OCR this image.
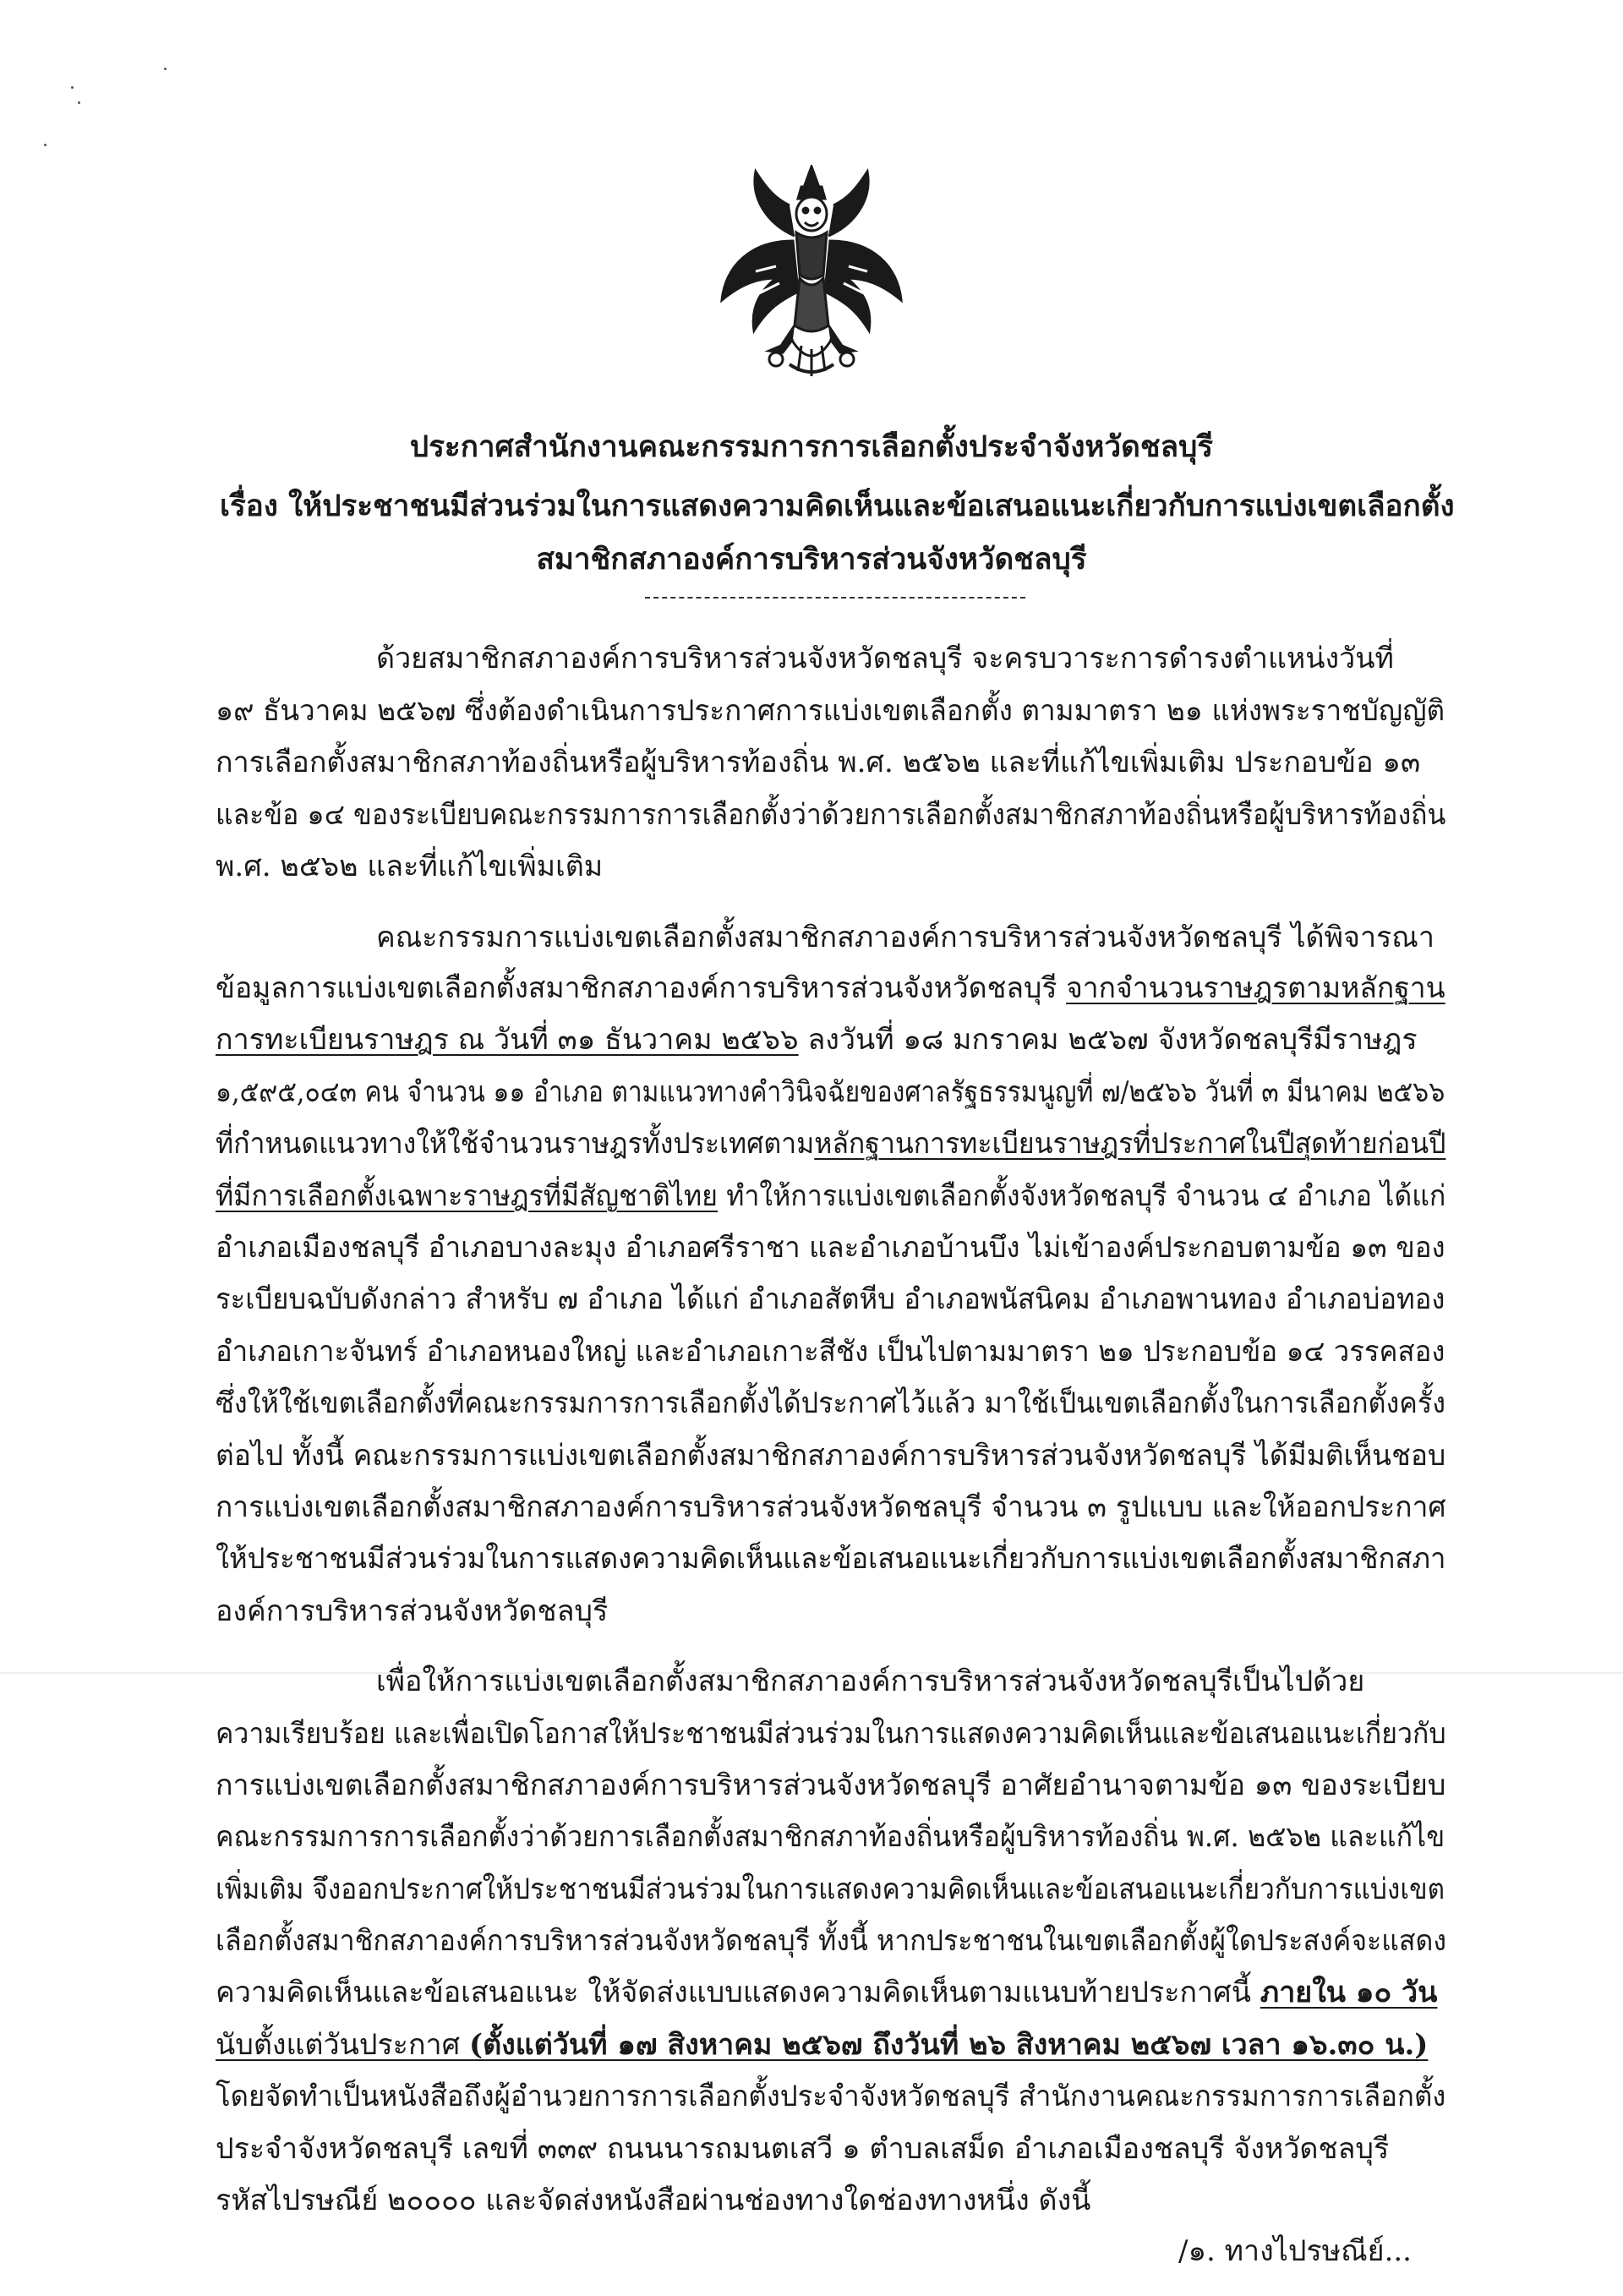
ประกาศสำนักงานคณะกรรมการการเลือกตั้งประจำจังหวัดชลบุรี
เรื่อง ให้ประชาชนมีส่วนร่วมในการแสดงความคิดเห็นและข้อเสนอแนะเกี่ยวกับการแบ่งเขตเลือกตั้ง
สมาชิกสภาองค์การบริหารส่วนจังหวัดชลบุรี
ด้วยสมาชิกสภาองค์การบริหารส่วนจังหวัดชลบุรี จะครบวาระการดำรงตำแหน่งวันที่
๑๙ ธันวาคม ๒๕๖๗ ซึ่งต้องดำเนินการประกาศการแบ่งเขตเลือกตั้ง ตามมาตรา ๒๑ แห่งพระราชบัญญัติ
การเลือกตั้งสมาชิกสภาท้องถิ่นหรือผู้บริหารท้องถิ่น พ.ศ. ๒๕๖๒ และที่แก้ไขเพิ่มเติม ประกอบข้อ ๑๓
และข้อ ๑๔ ของระเบียบคณะกรรมการการเลือกตั้งว่าด้วยการเลือกตั้งสมาชิกสภาท้องถิ่นหรือผู้บริหารท้องถิ่น
พ.ศ. ๒๕๖๒ และที่แก้ไขเพิ่มเติม
คณะกรรมการแบ่งเขตเลือกตั้งสมาชิกสภาองค์การบริหารส่วนจังหวัดชลบุรี ได้พิจารณา
ข้อมูลการแบ่งเขตเลือกตั้งสมาชิกสภาองค์การบริหารส่วนจังหวัดชลบุรี จากจำนวนราษฎรตามหลักฐาน
การทะเบียนราษฎร ณ วันที่ ๓๑ ธันวาคม ๒๕๖๖ ลงวันที่ ๑๘ มกราคม ๒๕๖๗ จังหวัดชลบุรีมีราษฎร
๑,๕๙๕,๐๔๓ คน จำนวน ๑๑ อำเภอ ตามแนวทางคำวินิจฉัยของศาลรัฐธรรมนูญที่ ๗/๒๕๖๖ วันที่ ๓ มีนาคม ๒๕๖๖
ที่กำหนดแนวทางให้ใช้จำนวนราษฎรทั้งประเทศตามหลักฐานการทะเบียนราษฎรที่ประกาศในปีสุดท้ายก่อนปี
ที่มีการเลือกตั้งเฉพาะราษฎรที่มีสัญชาติไทย ทำให้การแบ่งเขตเลือกตั้งจังหวัดชลบุรี จำนวน ๔ อำเภอ ได้แก่
อำเภอเมืองชลบุรี อำเภอบางละมุง อำเภอศรีราชา และอำเภอบ้านบึง ไม่เข้าองค์ประกอบตามข้อ ๑๓ ของ
ระเบียบฉบับดังกล่าว สำหรับ ๗ อำเภอ ได้แก่ อำเภอสัตหีบ อำเภอพนัสนิคม อำเภอพานทอง อำเภอบ่อทอง
อำเภอเกาะจันทร์ อำเภอหนองใหญ่ และอำเภอเกาะสีชัง เป็นไปตามมาตรา ๒๑ ประกอบข้อ ๑๔ วรรคสอง
ซึ่งให้ใช้เขตเลือกตั้งที่คณะกรรมการการเลือกตั้งได้ประกาศไว้แล้ว มาใช้เป็นเขตเลือกตั้งในการเลือกตั้งครั้ง
ต่อไป ทั้งนี้ คณะกรรมการแบ่งเขตเลือกตั้งสมาชิกสภาองค์การบริหารส่วนจังหวัดชลบุรี ได้มีมติเห็นชอบ
การแบ่งเขตเลือกตั้งสมาชิกสภาองค์การบริหารส่วนจังหวัดชลบุรี จำนวน ๓ รูปแบบ และให้ออกประกาศ
ให้ประชาชนมีส่วนร่วมในการแสดงความคิดเห็นและข้อเสนอแนะเกี่ยวกับการแบ่งเขตเลือกตั้งสมาชิกสภา
องค์การบริหารส่วนจังหวัดชลบุรี
เพื่อให้การแบ่งเขตเลือกตั้งสมาชิกสภาองค์การบริหารส่วนจังหวัดชลบุรีเป็นไปด้วย
ความเรียบร้อย และเพื่อเปิดโอกาสให้ประชาชนมีส่วนร่วมในการแสดงความคิดเห็นและข้อเสนอแนะเกี่ยวกับ
การแบ่งเขตเลือกตั้งสมาชิกสภาองค์การบริหารส่วนจังหวัดชลบุรี อาศัยอำนาจตามข้อ ๑๓ ของระเบียบ
คณะกรรมการการเลือกตั้งว่าด้วยการเลือกตั้งสมาชิกสภาท้องถิ่นหรือผู้บริหารท้องถิ่น พ.ศ. ๒๕๖๒ และแก้ไข
เพิ่มเติม จึงออกประกาศให้ประชาชนมีส่วนร่วมในการแสดงความคิดเห็นและข้อเสนอแนะเกี่ยวกับการแบ่งเขต
เลือกตั้งสมาชิกสภาองค์การบริหารส่วนจังหวัดชลบุรี ทั้งนี้ หากประชาชนในเขตเลือกตั้งผู้ใดประสงค์จะแสดง
ความคิดเห็นและข้อเสนอแนะ ให้จัดส่งแบบแสดงความคิดเห็นตามแนบท้ายประกาศนี้ ภายใน ๑๐ วัน
นับตั้งแต่วันประกาศ (ตั้งแต่วันที่ ๑๗ สิงหาคม ๒๕๖๗ ถึงวันที่ ๒๖ สิงหาคม ๒๕๖๗ เวลา ๑๖.๓๐ น.)
โดยจัดทำเป็นหนังสือถึงผู้อำนวยการการเลือกตั้งประจำจังหวัดชลบุรี สำนักงานคณะกรรมการการเลือกตั้ง
ประจำจังหวัดชลบุรี เลขที่ ๓๓๙ ถนนนารถมนตเสวี ๑ ตำบลเสม็ด อำเภอเมืองชลบุรี จังหวัดชลบุรี
รหัสไปรษณีย์ ๒๐๐๐๐ และจัดส่งหนังสือผ่านช่องทางใดช่องทางหนึ่ง ดังนี้
/๑. ทางไปรษณีย์...
